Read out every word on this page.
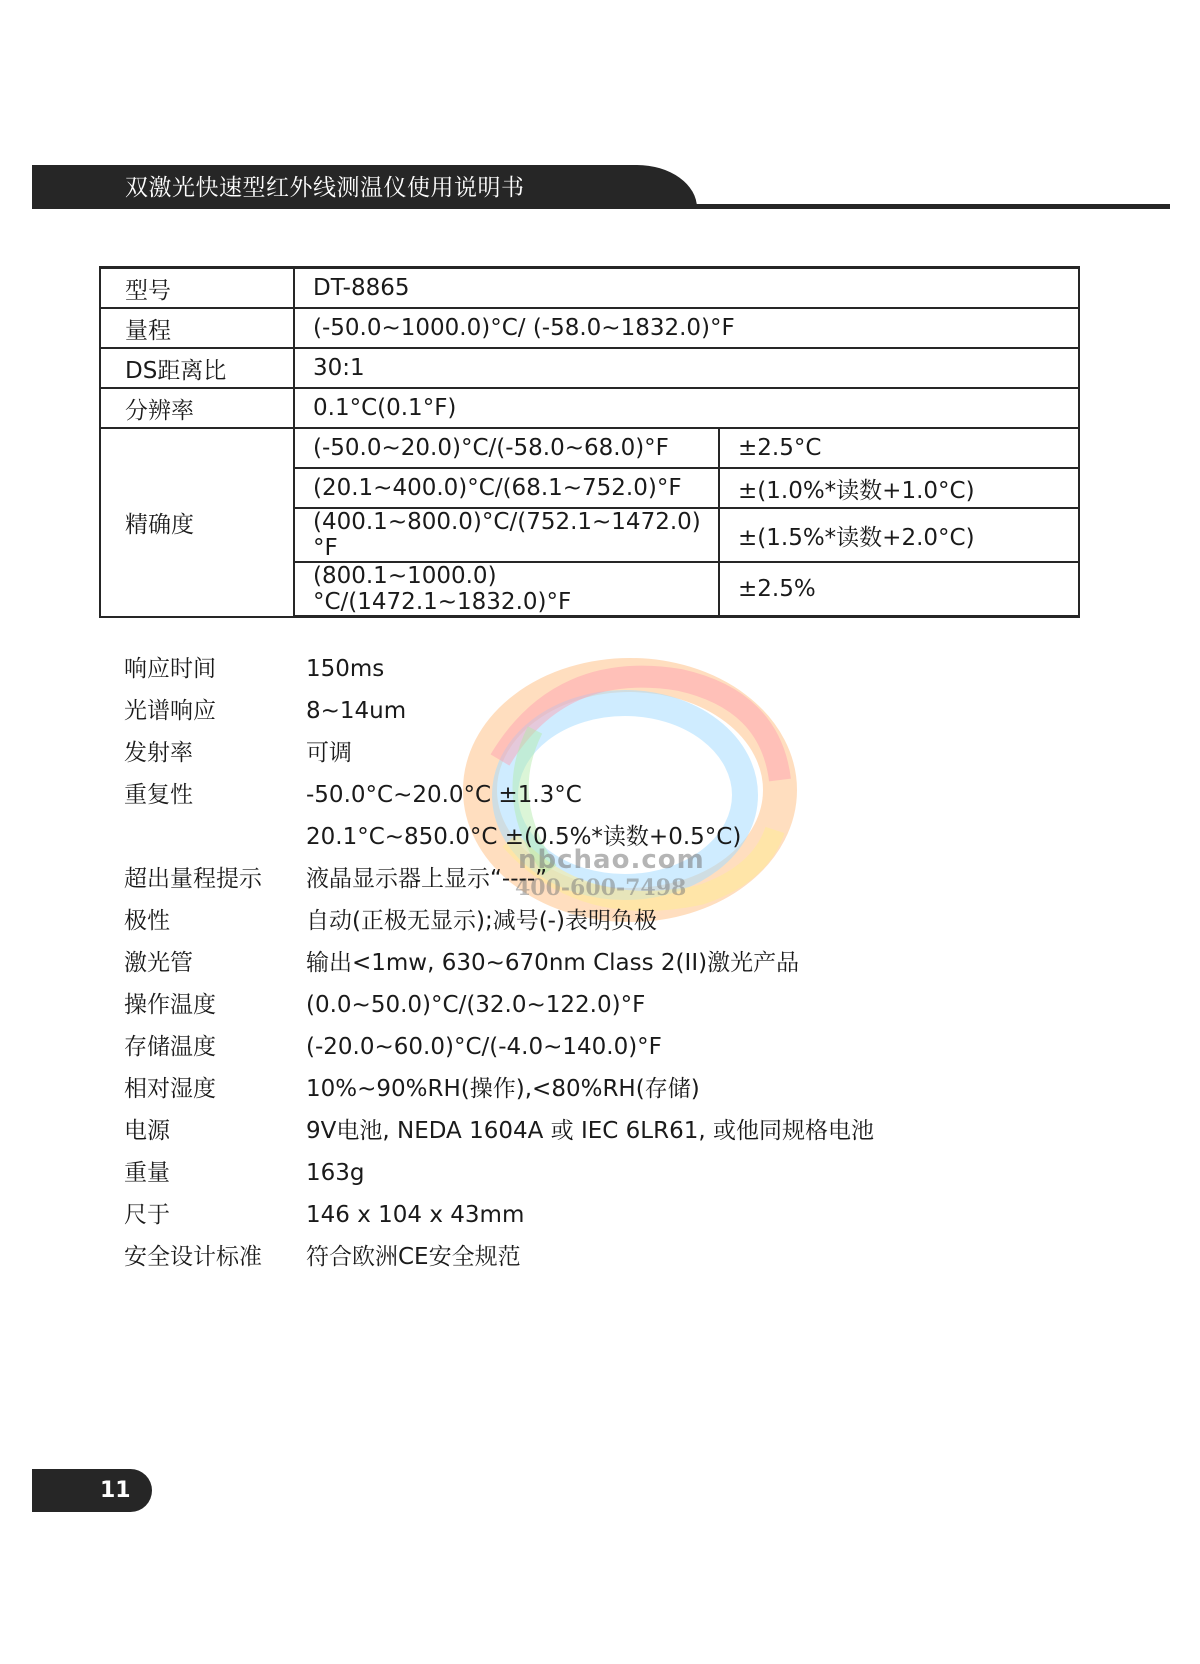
双激光快速型红外线测温仪使用说明书
型号	DT-8865	
量程	(-50.0~1000.0)°C/ (-58.0~1832.0)°F	
DS距离比	30:1	
分辨率	0.1°C(0.1°F)	
精确度	(-50.0~20.0)°C/(-58.0~68.0)°F	±2.5°C
	(20.1~400.0)°C/(68.1~752.0)°F	±(1.0%*读数+1.0°C)
	(400.1~800.0)°C/(752.1~1472.0)°F	±(1.5%*读数+2.0°C)
	(800.1~1000.0)°C/(1472.1~1832.0)°F	±2.5%
nbchao.com
400-600-7498
响应时间	150ms
光谱响应	8~14um
发射率	可调
重复性	-50.0°C~20.0°C ±1.3°C
20.1°C~850.0°C ±(0.5%*读数+0.5°C)
超出量程提示 液晶显示器上显示“----”
极性	自动(正极无显示);减号(-)表明负极
激光管	输出<1mw, 630~670nm Class 2(II)激光产品
操作温度	(0.0~50.0)°C/(32.0~122.0)°F
存储温度	(-20.0~60.0)°C/(-4.0~140.0)°F
相对湿度	10%~90%RH(操作),<80%RH(存储)
电源	9V电池, NEDA 1604A 或 IEC 6LR61, 或他同规格电池
重量	163g
尺于	146 x 104 x 43mm
安全设计标准 符合欧洲CE安全规范
11
